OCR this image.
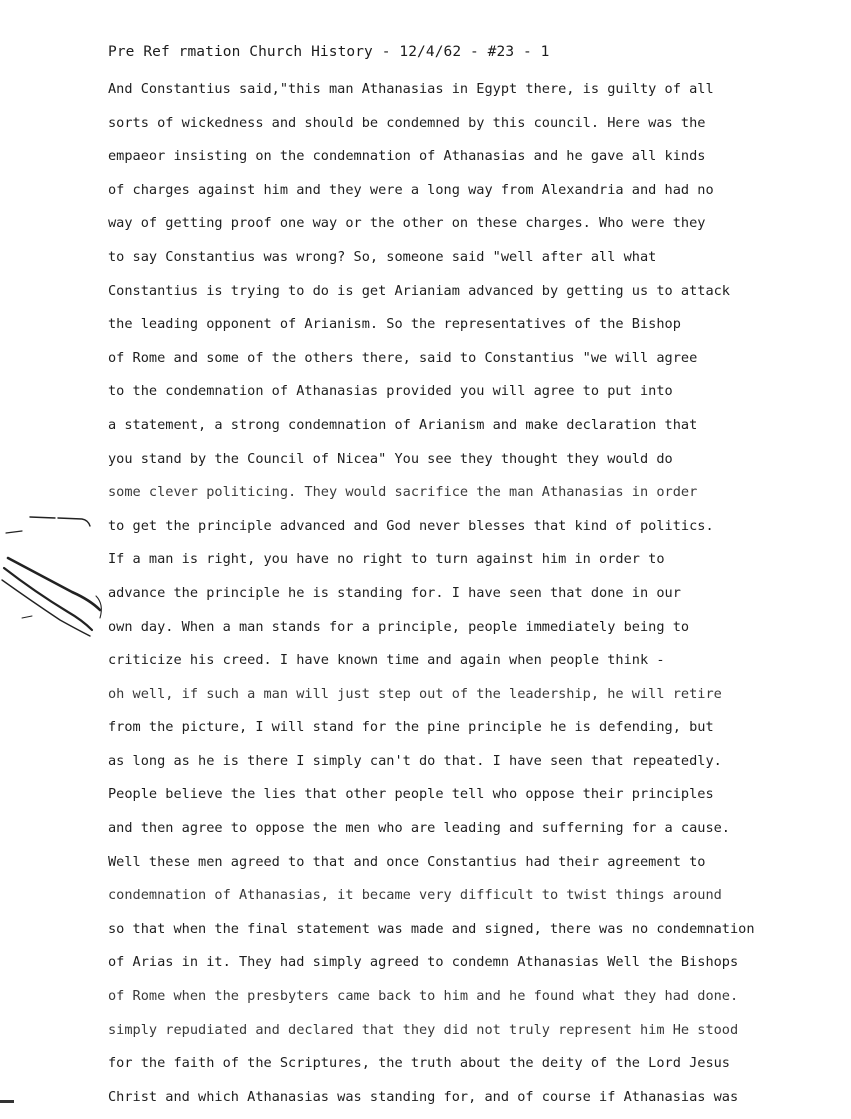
Pre Ref rmation Church History - 12/4/62 - #23 - 1
And Constantius said,"this man Athanasias in Egypt there, is guilty of all
sorts of wickedness and should be condemned by this council. Here was the
empaeor insisting on the condemnation of Athanasias and he gave all kinds
of charges against him and they were a long way from Alexandria and had no
way of getting proof one way or the other on these charges. Who were they
to say Constantius was wrong? So, someone said "well after all what
Constantius is trying to do is get Arianiam advanced by getting us to attack
the leading opponent of Arianism. So the representatives of the Bishop
of Rome and some of the others there, said to Constantius "we will agree
to the condemnation of Athanasias provided you will agree to put into
a statement, a strong condemnation of Arianism and make declaration that
you stand by the Council of Nicea" You see they thought they would do
some clever politicing. They would sacrifice the man Athanasias in order
to get the principle advanced and God never blesses that kind of politics.
If a man is right, you have no right to turn against him in order to
advance the principle he is standing for. I have seen that done in our
own day. When a man stands for a principle, people immediately being to
criticize his creed. I have known time and again when people think -
oh well, if such a man will just step out of the leadership, he will retire
from the picture, I will stand for the pine principle he is defending, but
as long as he is there I simply can't do that. I have seen that repeatedly.
People believe the lies that other people tell who oppose their principles
and then agree to oppose the men who are leading and sufferning for a cause.
Well these men agreed to that and once Constantius had their agreement to
condemnation of Athanasias, it became very difficult to twist things around
so that when the final statement was made and signed, there was no condemnation
of Arias in it. They had simply agreed to condemn Athanasias Well the Bishops
of Rome when the presbyters came back to him and he found what they had done.
simply repudiated and declared that they did not truly represent him He stood
for the faith of the Scriptures, the truth about the deity of the Lord Jesus
Christ and which Athanasias was standing for, and of course if Athanasias was
